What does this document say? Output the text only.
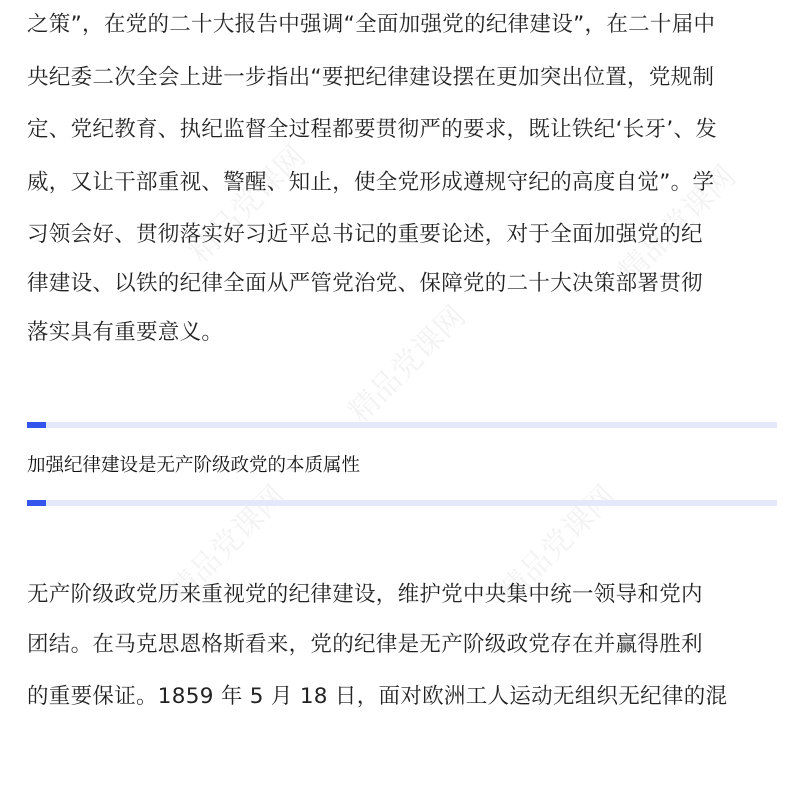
精品党课网
精品党课网
精品党课网	精品党课网
精品党课网
之策”，在党的二十大报告中强调“全面加强党的纪律建设”，在二十届中
央纪委二次全会上进一步指出“要把纪律建设摆在更加突出位置，党规制
定、党纪教育、执纪监督全过程都要贯彻严的要求，既让铁纪‘长牙’、发
威，又让干部重视、警醒、知止，使全党形成遵规守纪的高度自觉”。学
习领会好、贯彻落实好习近平总书记的重要论述，对于全面加强党的纪
律建设、以铁的纪律全面从严管党治党、保障党的二十大决策部署贯彻
落实具有重要意义。
加强纪律建设是无产阶级政党的本质属性
无产阶级政党历来重视党的纪律建设，维护党中央集中统一领导和党内
团结。在马克思恩格斯看来，党的纪律是无产阶级政党存在并赢得胜利
的重要保证。1859 年 5 月 18 日，面对欧洲工人运动无组织无纪律的混
